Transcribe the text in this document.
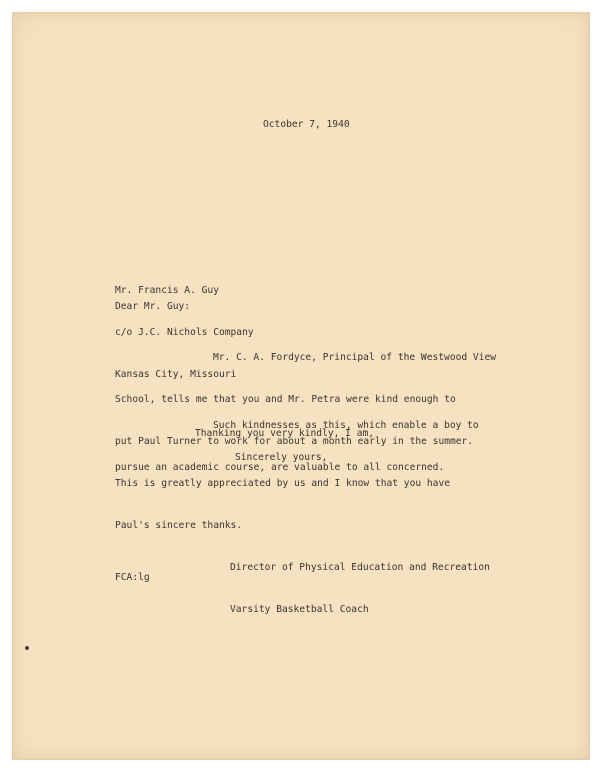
October 7, 1940

Mr. Francis A. Guy

c/o J.C. Nichols Company

Kansas City, Missouri

Dear Mr. Guy:

Mr. C. A. Fordyce, Principal of the Westwood View

School, tells me that you and Mr. Petra were kind enough to

put Paul Turner to work for about a month early in the summer.

This is greatly appreciated by us and I know that you have

Paul's sincere thanks.

Such kindnesses as this, which enable a boy to

pursue an academic course, are valuable to all concerned.

Thanking you very kindly, I am,
Sincerely yours,

Director of Physical Education and Recreation

Varsity Basketball Coach

FCA:lg
